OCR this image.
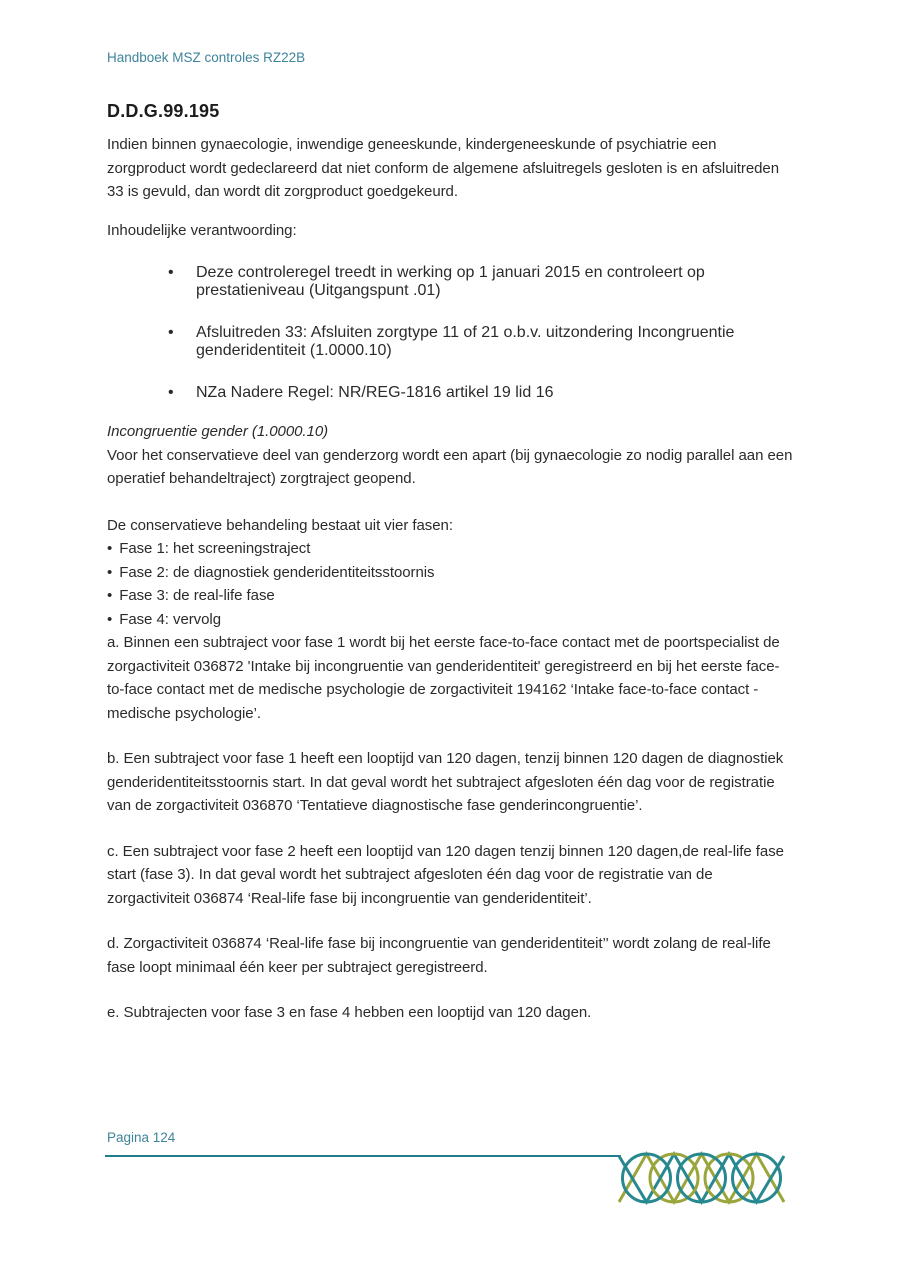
Handboek MSZ controles RZ22B
D.D.G.99.195

Indien binnen gynaecologie, inwendige geneeskunde, kindergeneeskunde of psychiatrie een zorgproduct wordt gedeclareerd dat niet conform de algemene afsluitregels gesloten is en afsluitreden 33 is gevuld, dan wordt dit zorgproduct goedgekeurd.

Inhoudelijke verantwoording:

•	Deze controleregel treedt in werking op 1 januari 2015 en controleert op prestatieniveau (Uitgangspunt .01)
•	Afsluitreden 33: Afsluiten zorgtype 11 of 21 o.b.v. uitzondering Incongruentie genderidentiteit (1.0000.10)
•	NZa Nadere Regel: NR/REG-1816 artikel 19 lid 16

Incongruentie gender (1.0000.10)

Voor het conservatieve deel van genderzorg wordt een apart (bij gynaecologie zo nodig parallel aan een operatief behandeltraject) zorgtraject geopend.

De conservatieve behandeling bestaat uit vier fasen:

• Fase 1: het screeningstraject
• Fase 2: de diagnostiek genderidentiteitsstoornis
• Fase 3: de real-life fase
• Fase 4: vervolg

a. Binnen een subtraject voor fase 1 wordt bij het eerste face-to-face contact met de poortspecialist de zorgactiviteit 036872 'Intake bij incongruentie van genderidentiteit' geregistreerd en bij het eerste face-to-face contact met de medische psychologie de zorgactiviteit 194162 ‘Intake face-to-face contact - medische psychologie’.

b. Een subtraject voor fase 1 heeft een looptijd van 120 dagen, tenzij binnen 120 dagen de diagnostiek genderidentiteitsstoornis start. In dat geval wordt het subtraject afgesloten één dag voor de registratie van de zorgactiviteit 036870 ‘Tentatieve diagnostische fase genderincongruentie’.

c. Een subtraject voor fase 2 heeft een looptijd van 120 dagen tenzij binnen 120 dagen,de real-life fase start (fase 3). In dat geval wordt het subtraject afgesloten één dag voor de registratie van de zorgactiviteit 036874 ‘Real-life fase bij incongruentie van genderidentiteit’.

d. Zorgactiviteit 036874 ‘Real-life fase bij incongruentie van genderidentiteit’' wordt zolang de real-life fase loopt minimaal één keer per subtraject geregistreerd.

e. Subtrajecten voor fase 3 en fase 4 hebben een looptijd van 120 dagen.

Pagina 124
